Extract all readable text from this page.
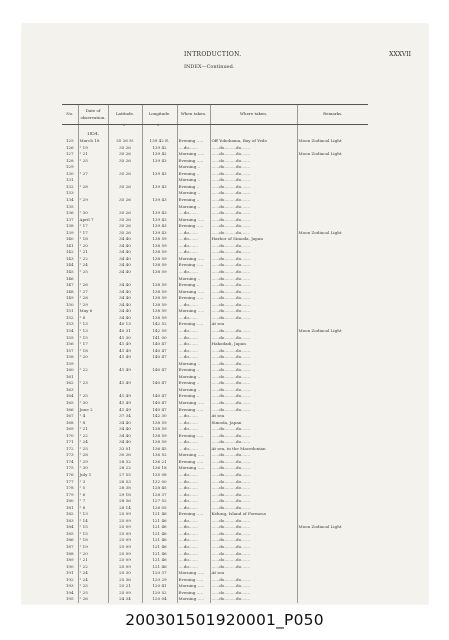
INTRODUCTION.	XXXVII
INDEX—Continued.
No.	Date of observation.	Latitude.	Longitude.	When taken.	Where taken.	Remarks.
		° ′	° ′			
	1854.					
125	March 18	35 26 N.	139 42 E.	Evening .....	Off Yokohama, Bay of Yedo	Moon Zodiacal Light
126	" 19	35 26	139 42	....do.......	......do.........do.......	
127	" 21	35 26	139 42	Morning .....	......do.........do.......	Moon Zodiacal Light
128	" 25	35 26	139 43	Evening .....	......do.........do.......	
129				Morning ..	......do.........do.......	
130	" 27	35 26	139 43	Evening ..	......do.........do.......	
131				Morning ..	......do.........do.......	
132	" 28	35 26	139 43	Evening ..	......do.........do.......	
133				Morning ..	......do.........do.......	
134	" 29	35 26	139 43	Evening ..	......do.........do.......	
135				Morning ..	......do.........do.......	
136	" 30	35 26	139 43	....do.......	......do.........do.......	
137	April 7	35 26	139 43	Morning .....	......do.........do.......	
138	" 17	35 26	139 43	Evening .....	......do.........do.......	
139	" 17	35 26	139 43	....do.......	......do.........do.......	Moon Zodiacal Light
140	" 18	34 40	138 59	....do.......	Harbor of Simoda, Japan	
141	" 20	34 40	138 59	....do.......	......do.........do.......	
142	" 21	34 40	138 59	....do.......	......do.........do.......	
143	" 22	34 40	138 59	Morning .....	......do.........do.......	
144	" 24	34 40	138 59	Evening .....	......do.........do.......	
145	" 25	34 40	138 59	....do.......	......do.........do.......	
146				Morning ..	......do.........do.......	
147	" 26	34 40	138 59	Evening ..	......do.........do.......	
148	" 27	34 40	138 59	Morning .....	......do.........do.......	
149	" 28	34 40	138 59	Evening .....	......do.........do.......	
150	" 29	34 40	138 59	....do.......	......do.........do.......	
151	May 6	34 40	138 59	Morning .....	......do.........do.......	
152	" 8	34 40	138 59	....do.......	......do.........do.......	
153	" 13	40 13	142 52	Evening .....	At sea	
154	" 13	40 31	142 59	....do.......	......do.........do.......	Moon Zodiacal Light
155	" 15	41 30	141 00	....do.......	......do.........do.......	
156	" 17	41 49	140 47	....do.......	Hakodadi, Japan	
157	" 18	41 49	140 47	....do.......	......do.........do.......	
158	" 20	41 49	140 47	....do.......	......do.........do.......	
159				Morning ..	......do.........do.......	
160	" 22	41 49	140 47	Evening ..	......do.........do.......	
161				Morning ..	......do.........do.......	
162	" 23	41 49	140 47	Evening ..	......do.........do.......	
163				Morning ..	......do.........do.......	
164	" 25	41 49	140 47	Evening ..	......do.........do.......	
165	" 30	41 49	140 47	Morning .....	......do.........do.......	
166	June 2	41 49	140 47	Evening .....	......do.........do.......	
167	" 4	37 34	142 30	....do.......	At sea	
168	" 8	34 40	138 59	....do.......	Simoda, Japan	
169	" 21	34 40	138 59	....do.......	......do.........do.......	
170	" 22	34 40	138 59	Evening .....	......do.........do.......	
171	" 24	34 40	138 59	....do.......	......do.........do.......	
172	" 25	33 01	136 45	....do.......	At sea, in the Macedonian	
173	" 28	30 26	136 52	Morning .....	......do.........do.......	
174	" 29	28 32	136 21	Evening .....	......do.........do.......	
175	" 30	28 22	136 18	Morning .....	......do.........do.......	
176	July 1	27 55	135 08	....do.......	......do.........do.......	
177	" 3	28 53	132 00	....do.......	......do.........do.......	
178	" 5	28 38	128 45	....do.......	......do.........do.......	
179	" 6	29 18	128 37	....do.......	......do.........do.......	
180	" 7	28 56	127 52	....do.......	......do.........do.......	
181	" 8	28 14	126 05	....do.......	......do.........do.......	
182	" 13	25 09	121 46	Evening .....	Kelung, Island of Formosa	
183	" 14	25 09	121 46	....do.......	......do.........do.......	
184	" 15	25 09	121 46	....do.......	......do.........do.......	Moon Zodiacal Light
185	" 15	25 09	121 46	....do.......	......do.........do.......	
186	" 18	25 09	121 46	....do.......	......do.........do.......	
187	" 19	25 09	121 46	....do.......	......do.........do.......	
188	" 20	25 09	121 46	....do.......	......do.........do.......	
189	" 21	25 09	121 46	....do.......	......do.........do.......	
190	" 22	25 09	121 46	....do.......	......do.........do.......	
191	" 24	25 30	120 37	Morning .....	At sea	
192	" 24	25 36	120 29	Evening .....	......do.........do.......	
193	" 25	25 21	120 41	Morning .....	......do.........do.......	
194	" 25	25 09	120 52	Evening .....	......do.........do.......	
195	" 26	24 34	120 04	Morning .....	......do.........do.......	
200301501920001_P050
